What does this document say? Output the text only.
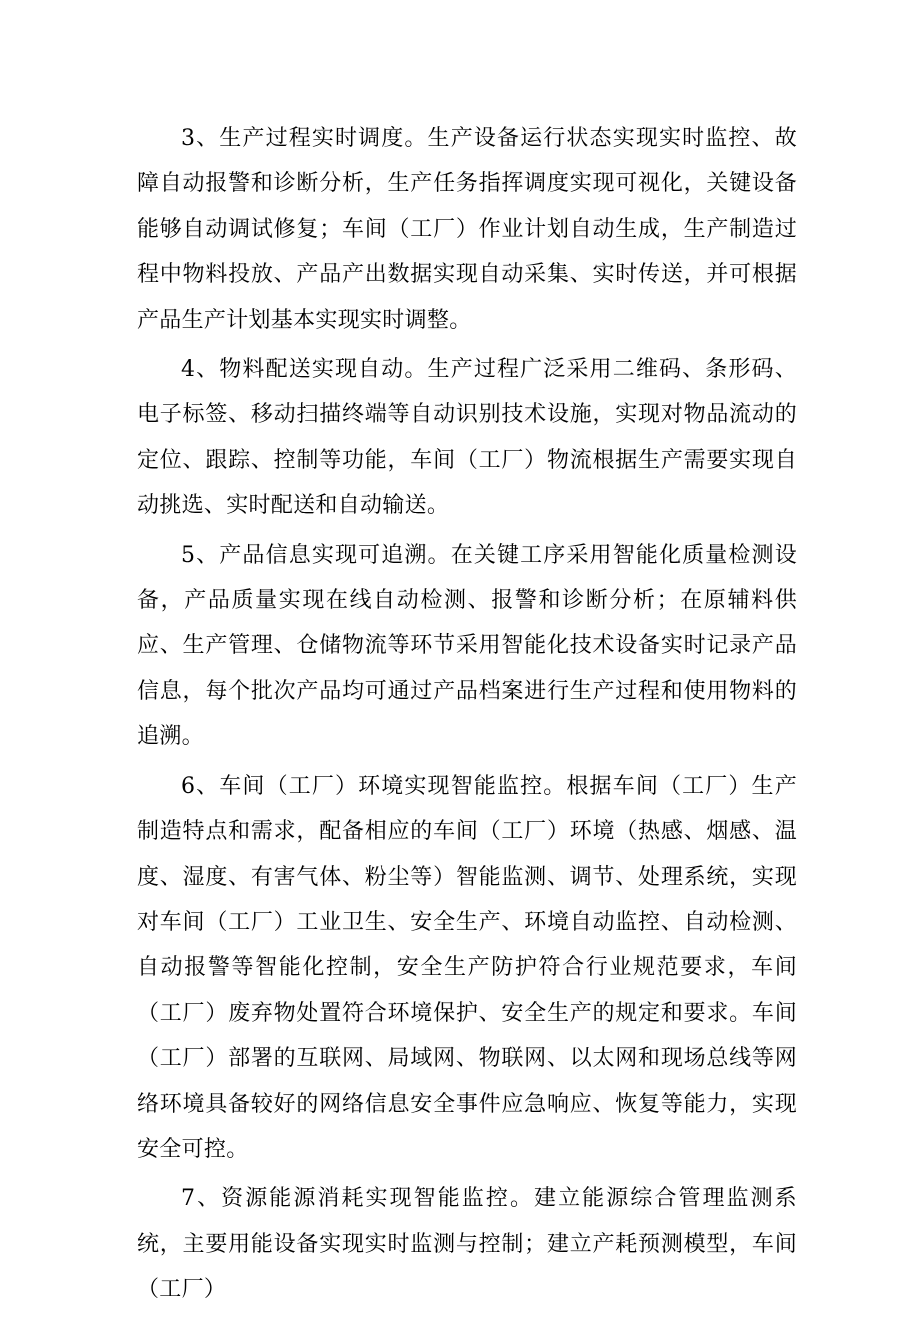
3、生产过程实时调度。生产设备运行状态实现实时监控、故障自动报警和诊断分析，生产任务指挥调度实现可视化，关键设备能够自动调试修复；车间（工厂）作业计划自动生成，生产制造过程中物料投放、产品产出数据实现自动采集、实时传送，并可根据产品生产计划基本实现实时调整。

4、物料配送实现自动。生产过程广泛采用二维码、条形码、电子标签、移动扫描终端等自动识别技术设施，实现对物品流动的定位、跟踪、控制等功能，车间（工厂）物流根据生产需要实现自动挑选、实时配送和自动输送。

5、产品信息实现可追溯。在关键工序采用智能化质量检测设备，产品质量实现在线自动检测、报警和诊断分析；在原辅料供应、生产管理、仓储物流等环节采用智能化技术设备实时记录产品信息，每个批次产品均可通过产品档案进行生产过程和使用物料的追溯。

6、车间（工厂）环境实现智能监控。根据车间（工厂）生产制造特点和需求，配备相应的车间（工厂）环境（热感、烟感、温度、湿度、有害气体、粉尘等）智能监测、调节、处理系统，实现对车间（工厂）工业卫生、安全生产、环境自动监控、自动检测、自动报警等智能化控制，安全生产防护符合行业规范要求，车间（工厂）废弃物处置符合环境保护、安全生产的规定和要求。车间（工厂）部署的互联网、局域网、物联网、以太网和现场总线等网络环境具备较好的网络信息安全事件应急响应、恢复等能力，实现安全可控。

7、资源能源消耗实现智能监控。建立能源综合管理监测系统，主要用能设备实现实时监测与控制；建立产耗预测模型，车间（工厂）
